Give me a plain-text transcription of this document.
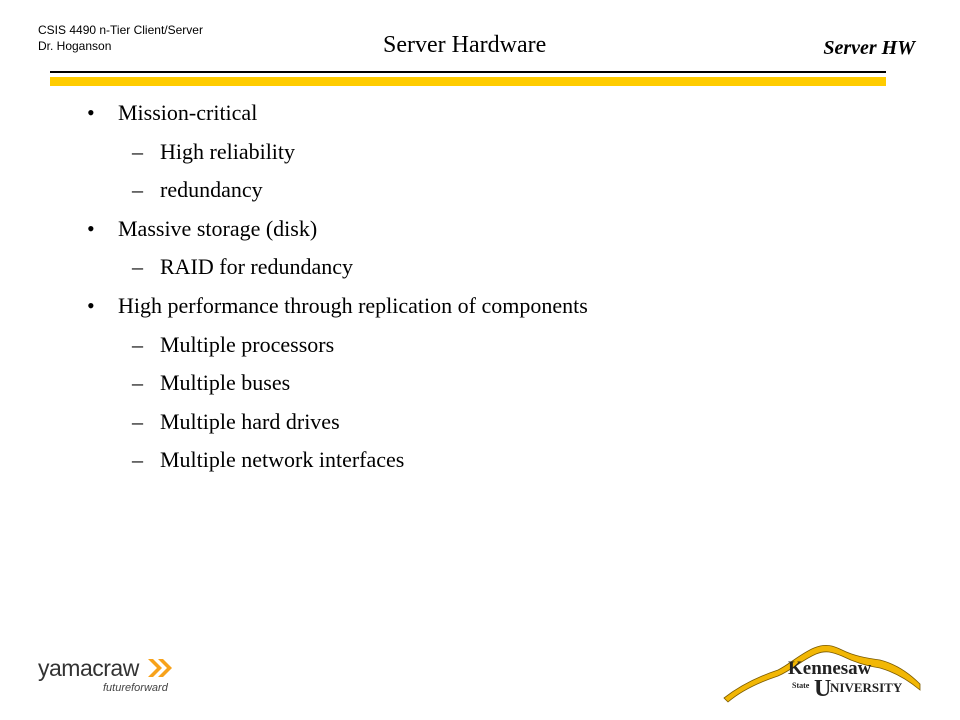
CSIS 4490 n-Tier Client/Server
Dr. Hoganson	Server Hardware	Server HW
• Mission-critical
– High reliability
– redundancy
• Massive storage (disk)
– RAID for redundancy
• High performance through replication of components
– Multiple processors
– Multiple buses
– Multiple hard drives
– Multiple network interfaces
yamacraw
futureforward
Kennesaw
State U
NIVERSITY
